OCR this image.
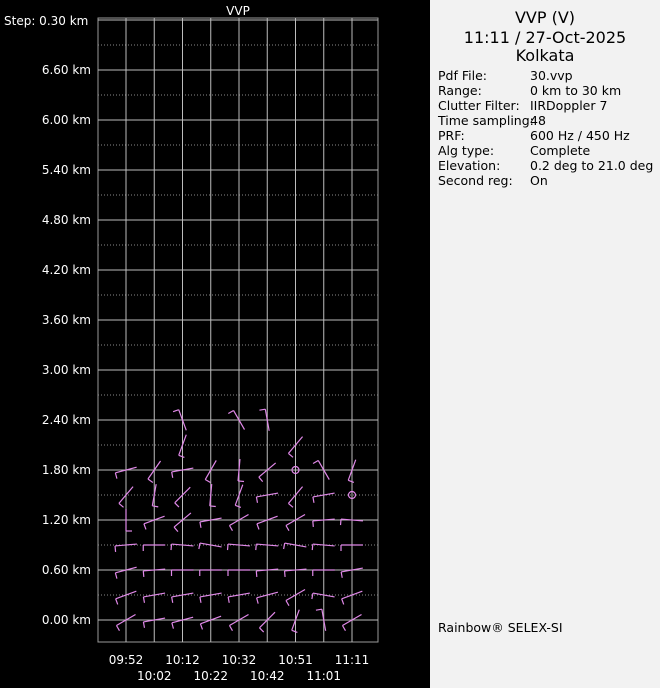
VVP
Step: 0.30 km
0.00 km
0.60 km
1.20 km
1.80 km
2.40 km
3.00 km
3.60 km
4.20 km
4.80 km
5.40 km
6.00 km
6.60 km
09:52 10:12 10:32 10:51 11:11
10:02 10:22 10:42 11:01
VVP (V)
11:11 / 27-Oct-2025
Kolkata
Pdf File:	30.vvp
Range:	0 km to 30 km
Clutter Filter: IIRDoppler 7
Time sampling:48
PRF:	600 Hz / 450 Hz
Alg type:	Complete
Elevation: 0.2 deg to 21.0 deg
Second reg: On
Rainbow® SELEX-SI
